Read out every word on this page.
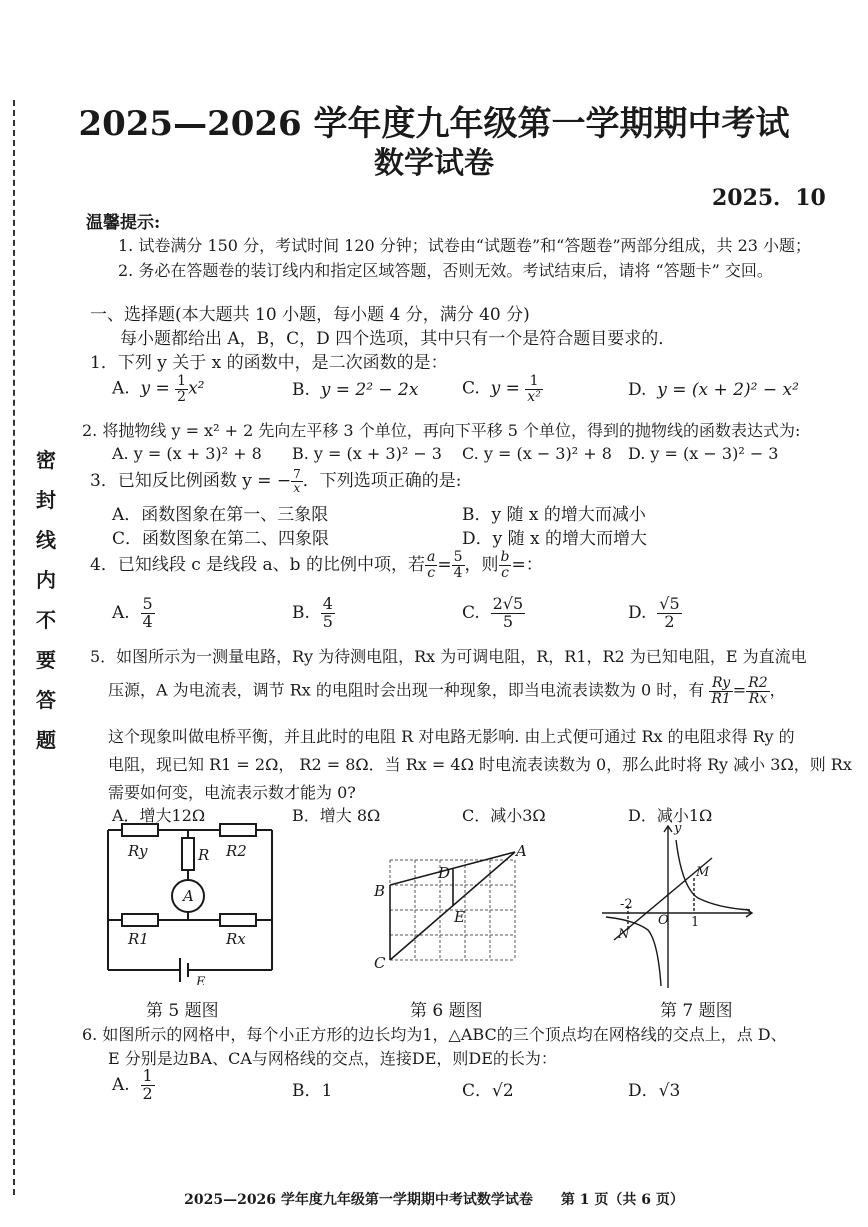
密
封
线
内
不
要
答
题
2025—2026 学年度九年级第一学期期中考试
数学试卷
2025．10
温馨提示:
1. 试卷满分 150 分，考试时间 120 分钟；试卷由“试题卷”和“答题卷”两部分组成，共 23 小题；
2. 务必在答题卷的装订线内和指定区域答题，否则无效。考试结束后，请将 “答题卡” 交回。
一、选择题(本大题共 10 小题，每小题 4 分，满分 40 分)
每小题都给出 A，B，C，D 四个选项，其中只有一个是符合题目要求的．
1．下列 y 关于 x 的函数中，是二次函数的是：
A. $y = \frac{1}{2} x^2$	B. y = 2² − 2x	C. $y = \frac{1}{\text{x²}}$	D. y = (x + 2)² − x²
2. 将抛物线 y = x² + 2 先向左平移 3 个单位，再向下平移 5 个单位，得到的抛物线的函数表达式为:
A. y = (x + 3)² + 8 B. y = (x + 3)² − 3 C. y = (x − 3)² + 8 D. y = (x − 3)² − 3
3．已知反比例函数 y = − $\frac{7}{x}$ ．下列选项正确的是:
A．函数图象在第一、三象限	B．y 随 x 的增大而减小
C．函数图象在第二、四象限	D．y 随 x 的增大而增大
4．已知线段 c 是线段 a、b 的比例中项，若 $\frac{a}{c} = \frac{5}{4}$ ，则 $\frac{b}{c}$ =：
A. $\frac{5}{4}$	B. $\frac{4}{5}$	C. $\frac{2√5}{5}$	D. $\frac{√5}{2}$
5．如图所示为一测量电路，Ry 为待测电阻，Rx 为可调电阻，R，R1，R2 为已知电阻，E 为直流电
压源，A 为电流表，调节 Rx 的电阻时会出现一种现象，即当电流表读数为 0 时，有 $\frac{Ry}{R1} = \frac{R2}{Rx}$ ，
这个现象叫做电桥平衡，并且此时的电阻 R 对电路无影响. 由上式便可通过 Rx 的电阻求得 Ry 的
电阻，现已知 R1 = 2Ω， R2 = 8Ω．当 Rx = 4Ω 时电流表读数为 0，那么此时将 Ry 减小 3Ω，则 Rx
需要如何变，电流表示数才能为 0?
A．增大12Ω	B．增大 8Ω	C．减小3Ω	D．减小1Ω
Ry	R R2
A
R1	Rx
E
第 5 题图
A
B
C
D
E
第 6 题图
y
M
N
O
-2
1
第 7 题图
6. 如图所示的网格中，每个小正方形的边长均为1，△ABC的三个顶点均在网格线的交点上，点 D、
E 分别是边BA、CA与网格线的交点，连接DE，则DE的长为：
A. $\frac{1}{2}$	B．1	C．√2	D．√3
2025—2026 学年度九年级第一学期期中考试数学试卷　　第 1 页（共 6 页）
